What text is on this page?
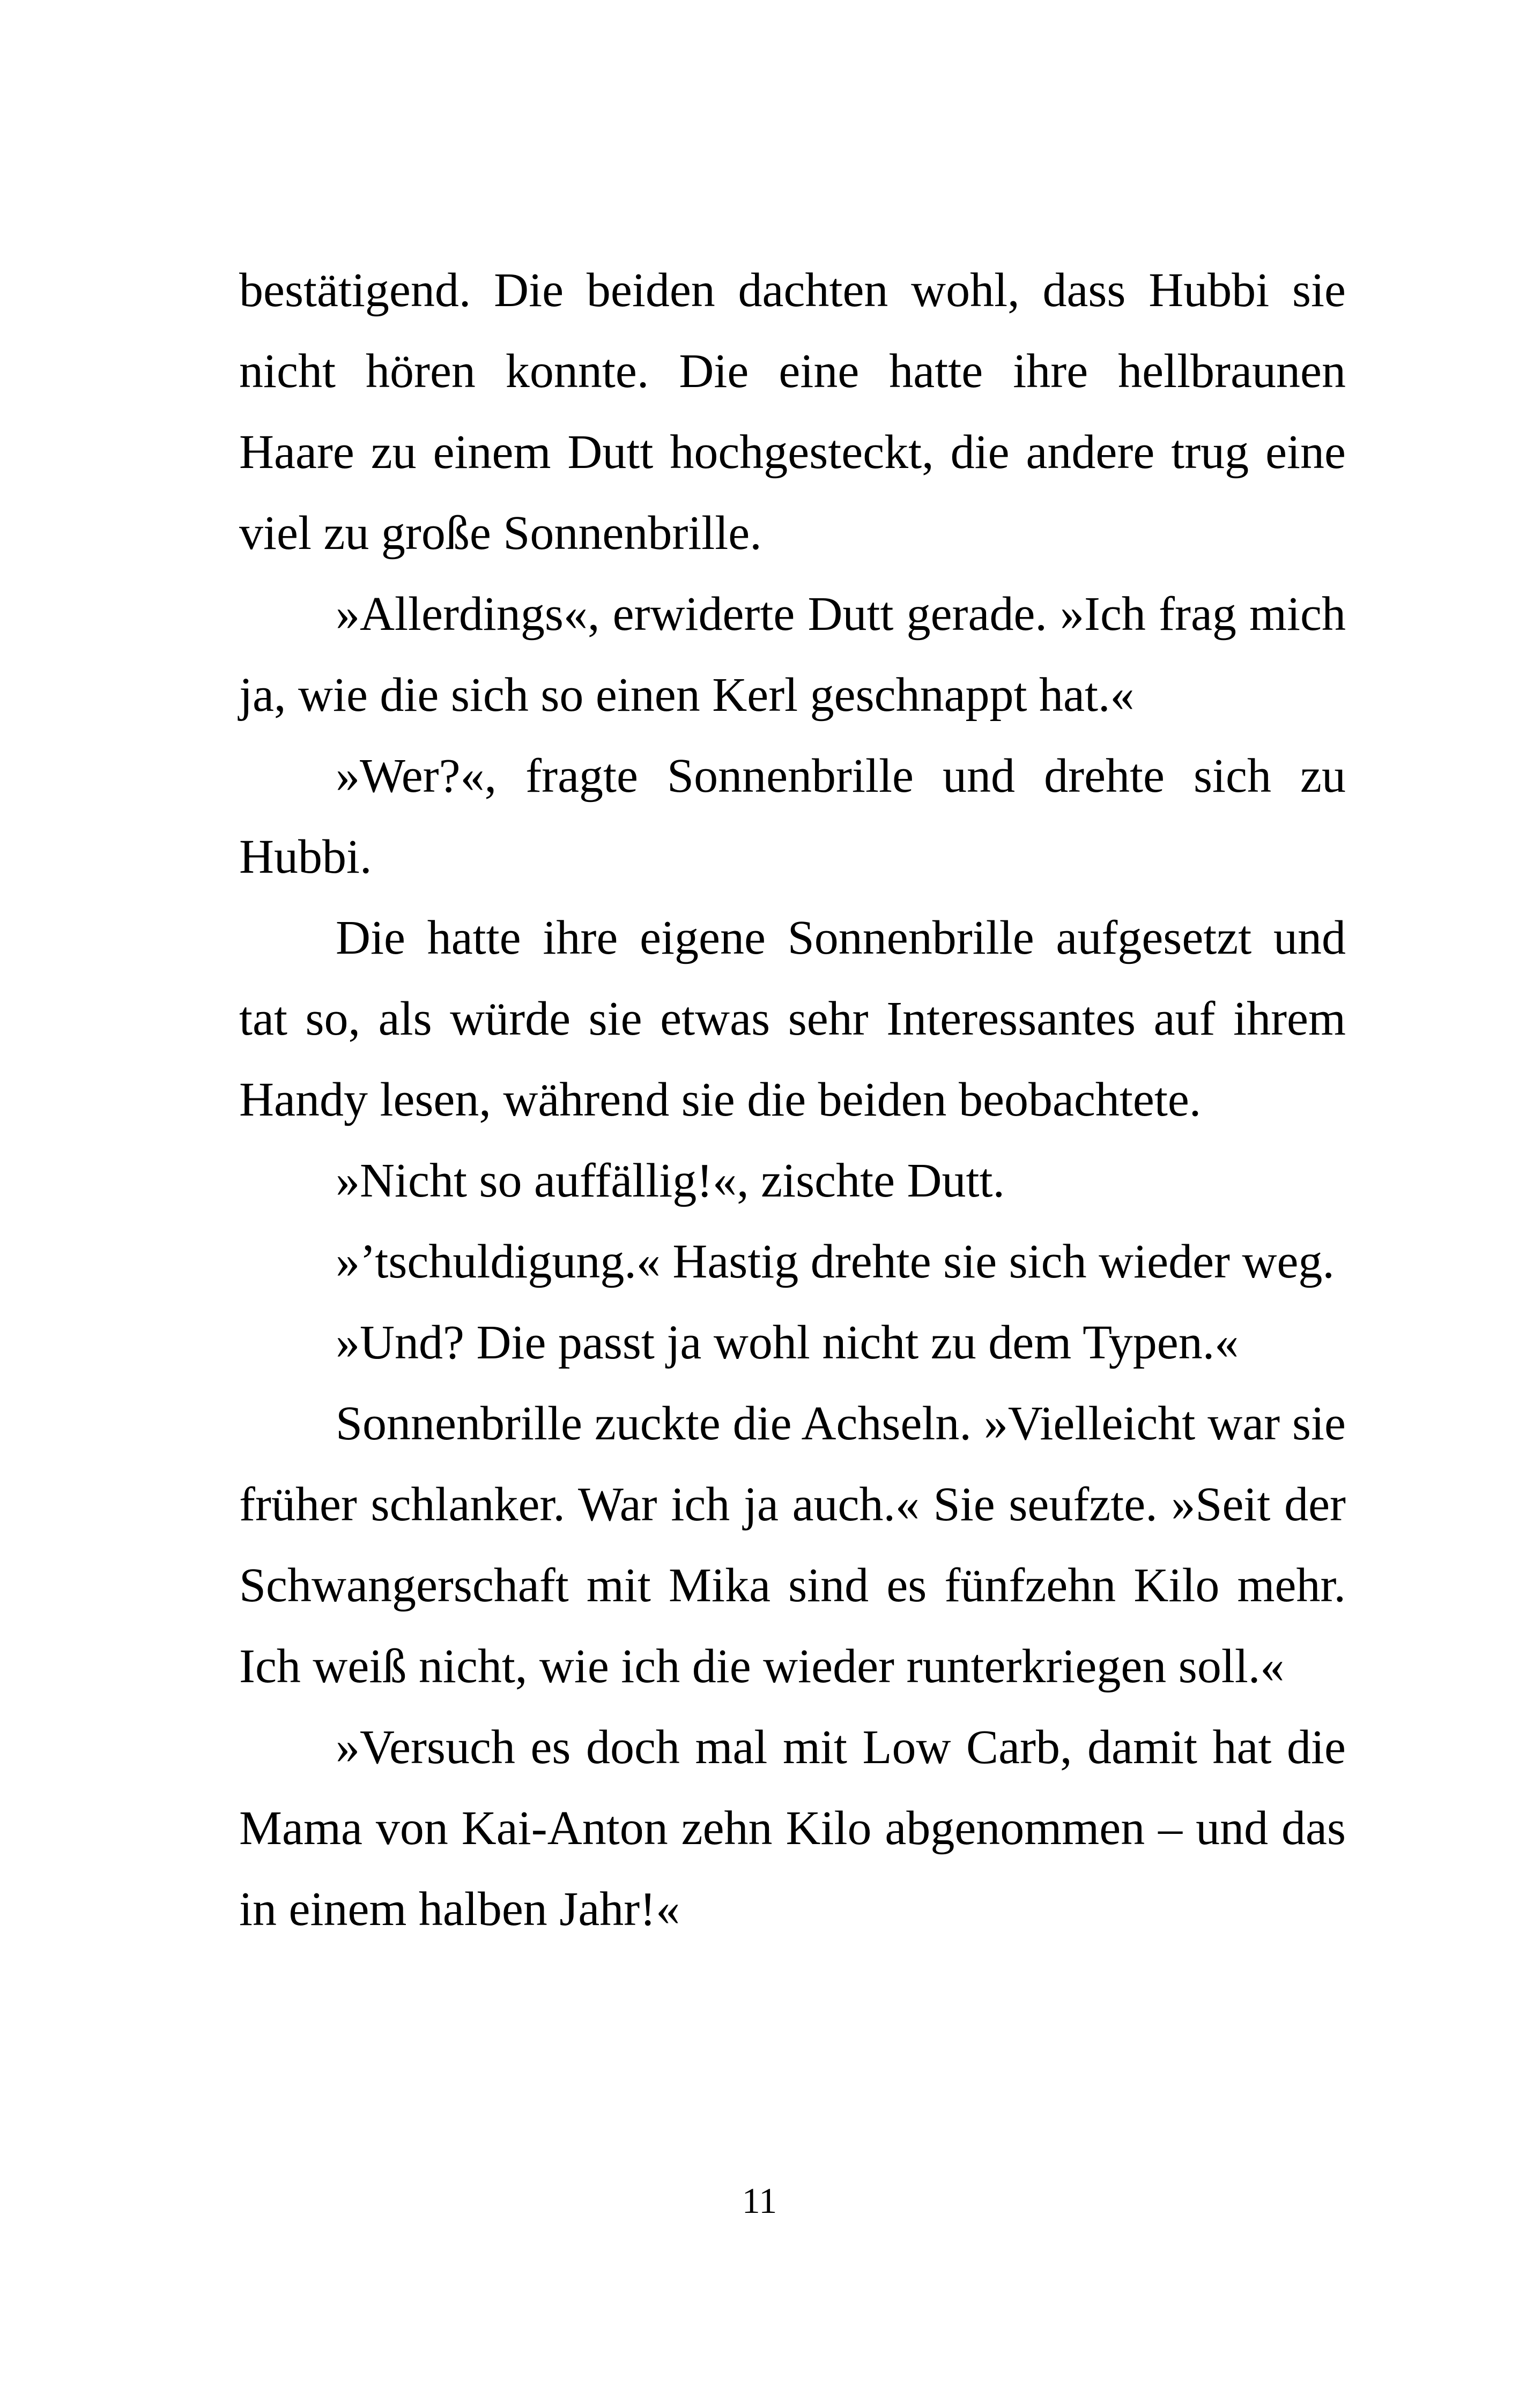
bestätigend. Die beiden dachten wohl, dass Hubbi sie nicht hören konnte. Die eine hatte ihre hellbraunen Haare zu einem Dutt hochgesteckt, die andere trug eine viel zu große Sonnenbrille.

»Allerdings«, erwiderte Dutt gerade. »Ich frag mich ja, wie die sich so einen Kerl geschnappt hat.«

»Wer?«, fragte Sonnenbrille und drehte sich zu Hubbi.

Die hatte ihre eigene Sonnenbrille aufgesetzt und tat so, als würde sie etwas sehr Interessantes auf ihrem Handy lesen, während sie die beiden beobachtete.

»Nicht so auffällig!«, zischte Dutt.

»’tschuldigung.« Hastig drehte sie sich wieder weg.

»Und? Die passt ja wohl nicht zu dem Typen.«

Sonnenbrille zuckte die Achseln. »Vielleicht war sie früher schlanker. War ich ja auch.« Sie seufzte. »Seit der Schwangerschaft mit Mika sind es fünfzehn Kilo mehr. Ich weiß nicht, wie ich die wieder runterkriegen soll.«

»Versuch es doch mal mit Low Carb, damit hat die Mama von Kai-Anton zehn Kilo abgenommen – und das in einem halben Jahr!«

11
